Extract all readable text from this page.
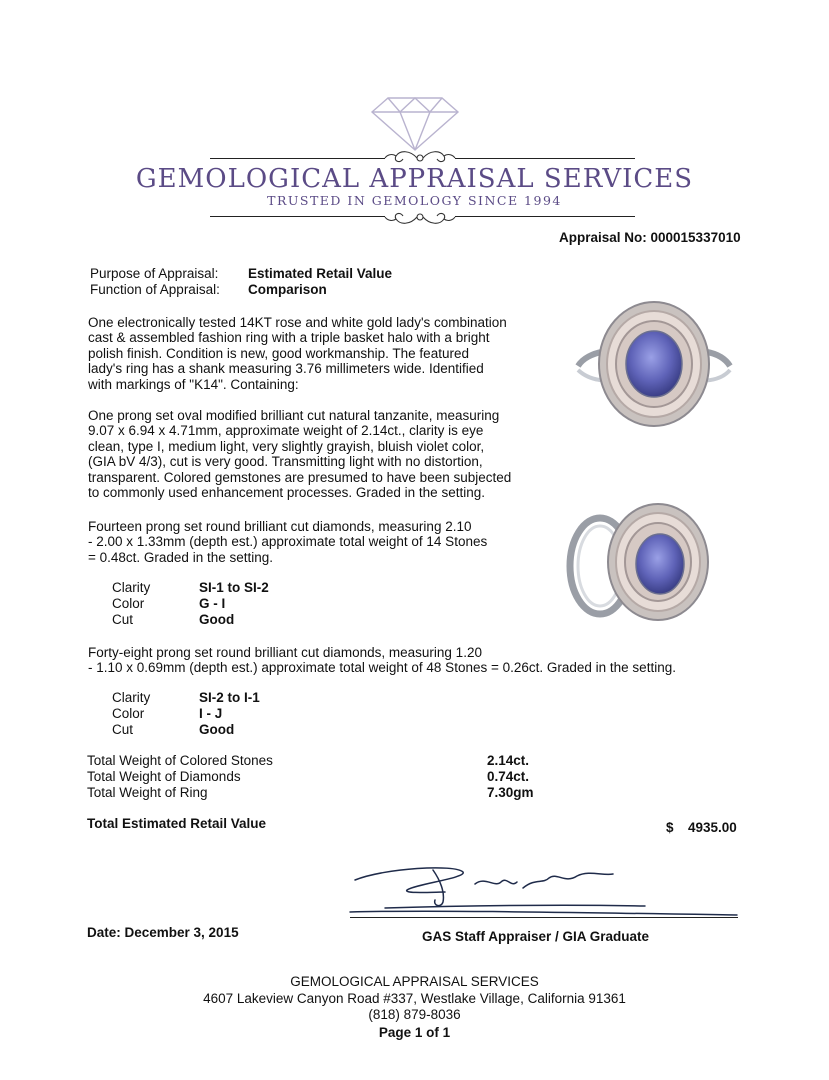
GEMOLOGICAL APPRAISAL SERVICES
TRUSTED IN GEMOLOGY SINCE 1994
Appraisal No: 000015337010
Purpose of Appraisal:	Estimated Retail Value
Function of Appraisal:	Comparison
One electronically tested 14KT rose and white gold lady's combination
cast & assembled fashion ring with a triple basket halo with a bright
polish finish. Condition is new, good workmanship. The featured
lady's ring has a shank measuring 3.76 millimeters wide. Identified
with markings of "K14". Containing:
One prong set oval modified brilliant cut natural tanzanite, measuring
9.07 x 6.94 x 4.71mm, approximate weight of 2.14ct., clarity is eye
clean, type I, medium light, very slightly grayish, bluish violet color,
(GIA bV 4/3), cut is very good. Transmitting light with no distortion,
transparent. Colored gemstones are presumed to have been subjected
to commonly used enhancement processes. Graded in the setting.
Fourteen prong set round brilliant cut diamonds, measuring 2.10
- 2.00 x 1.33mm (depth est.) approximate total weight of 14 Stones
= 0.48ct. Graded in the setting.
Clarity	SI-1 to SI-2
Color	G - I
Cut	Good
Forty-eight prong set round brilliant cut diamonds, measuring 1.20
- 1.10 x 0.69mm (depth est.) approximate total weight of 48 Stones = 0.26ct. Graded in the setting.
Clarity	SI-2 to I-1
Color	I - J
Cut	Good
Total Weight of Colored Stones	2.14ct.
Total Weight of Diamonds	0.74ct.
Total Weight of Ring	7.30gm
Total Estimated Retail Value	$ 4935.00
Date: December 3, 2015	GAS Staff Appraiser / GIA Graduate
GEMOLOGICAL APPRAISAL SERVICES
4607 Lakeview Canyon Road #337, Westlake Village, California 91361
(818) 879-8036
Page 1 of 1
